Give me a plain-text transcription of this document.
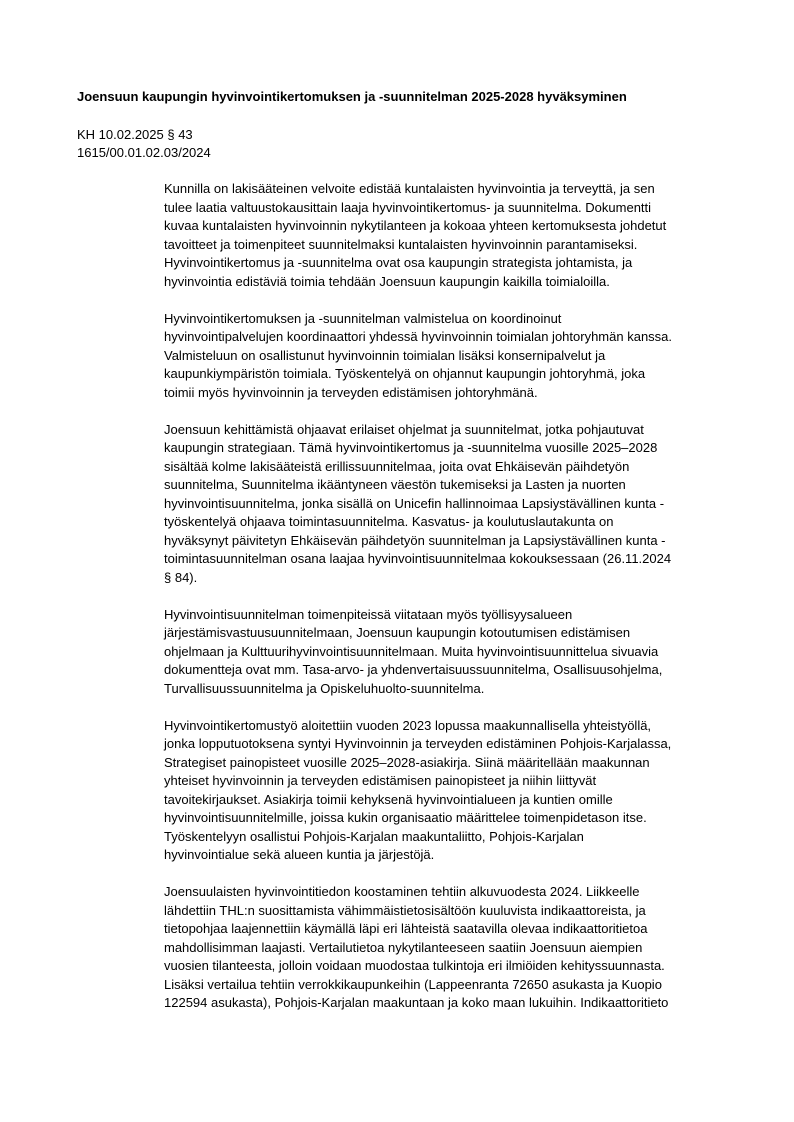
Joensuun kaupungin hyvinvointikertomuksen ja -suunnitelman 2025-2028 hyväksyminen
KH 10.02.2025 § 43
1615/00.01.02.03/2024
Kunnilla on lakisääteinen velvoite edistää kuntalaisten hyvinvointia ja terveyttä, ja sen
tulee laatia valtuustokausittain laaja hyvinvointikertomus- ja suunnitelma. Dokumentti
kuvaa kuntalaisten hyvinvoinnin nykytilanteen ja kokoaa yhteen kertomuksesta johdetut
tavoitteet ja toimenpiteet suunnitelmaksi kuntalaisten hyvinvoinnin parantamiseksi.
Hyvinvointikertomus ja -suunnitelma ovat osa kaupungin strategista johtamista, ja
hyvinvointia edistäviä toimia tehdään Joensuun kaupungin kaikilla toimialoilla.
Hyvinvointikertomuksen ja -suunnitelman valmistelua on koordinoinut
hyvinvointipalvelujen koordinaattori yhdessä hyvinvoinnin toimialan johtoryhmän kanssa.
Valmisteluun on osallistunut hyvinvoinnin toimialan lisäksi konsernipalvelut ja
kaupunkiympäristön toimiala. Työskentelyä on ohjannut kaupungin johtoryhmä, joka
toimii myös hyvinvoinnin ja terveyden edistämisen johtoryhmänä.
Joensuun kehittämistä ohjaavat erilaiset ohjelmat ja suunnitelmat, jotka pohjautuvat
kaupungin strategiaan. Tämä hyvinvointikertomus ja -suunnitelma vuosille 2025–2028
sisältää kolme lakisääteistä erillissuunnitelmaa, joita ovat Ehkäisevän päihdetyön
suunnitelma, Suunnitelma ikääntyneen väestön tukemiseksi ja Lasten ja nuorten
hyvinvointisuunnitelma, jonka sisällä on Unicefin hallinnoimaa Lapsiystävällinen kunta -
työskentelyä ohjaava toimintasuunnitelma. Kasvatus- ja koulutuslautakunta on
hyväksynyt päivitetyn Ehkäisevän päihdetyön suunnitelman ja Lapsiystävällinen kunta -
toimintasuunnitelman osana laajaa hyvinvointisuunnitelmaa kokouksessaan (26.11.2024
§ 84).
Hyvinvointisuunnitelman toimenpiteissä viitataan myös työllisyysalueen
järjestämisvastuusuunnitelmaan, Joensuun kaupungin kotoutumisen edistämisen
ohjelmaan ja Kulttuurihyvinvointisuunnitelmaan. Muita hyvinvointisuunnittelua sivuavia
dokumentteja ovat mm. Tasa-arvo- ja yhdenvertaisuussuunnitelma, Osallisuusohjelma,
Turvallisuussuunnitelma ja Opiskeluhuolto-suunnitelma.
Hyvinvointikertomustyö aloitettiin vuoden 2023 lopussa maakunnallisella yhteistyöllä,
jonka lopputuotoksena syntyi Hyvinvoinnin ja terveyden edistäminen Pohjois-Karjalassa,
Strategiset painopisteet vuosille 2025–2028-asiakirja. Siinä määritellään maakunnan
yhteiset hyvinvoinnin ja terveyden edistämisen painopisteet ja niihin liittyvät
tavoitekirjaukset. Asiakirja toimii kehyksenä hyvinvointialueen ja kuntien omille
hyvinvointisuunnitelmille, joissa kukin organisaatio määrittelee toimenpidetason itse.
Työskentelyyn osallistui Pohjois-Karjalan maakuntaliitto, Pohjois-Karjalan
hyvinvointialue sekä alueen kuntia ja järjestöjä.
Joensuulaisten hyvinvointitiedon koostaminen tehtiin alkuvuodesta 2024. Liikkeelle
lähdettiin THL:n suosittamista vähimmäistietosisältöön kuuluvista indikaattoreista, ja
tietopohjaa laajennettiin käymällä läpi eri lähteistä saatavilla olevaa indikaattoritietoa
mahdollisimman laajasti. Vertailutietoa nykytilanteeseen saatiin Joensuun aiempien
vuosien tilanteesta, jolloin voidaan muodostaa tulkintoja eri ilmiöiden kehityssuunnasta.
Lisäksi vertailua tehtiin verrokkikaupunkeihin (Lappeenranta 72650 asukasta ja Kuopio
122594 asukasta), Pohjois-Karjalan maakuntaan ja koko maan lukuihin. Indikaattoritieto
